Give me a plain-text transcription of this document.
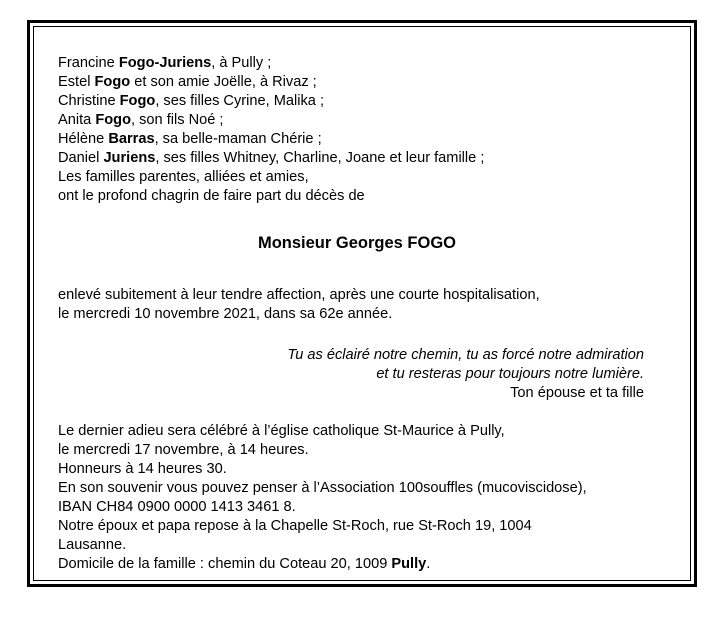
Francine Fogo-Juriens, à Pully ;
Estel Fogo et son amie Joëlle, à Rivaz ;
Christine Fogo, ses filles Cyrine, Malika ;
Anita Fogo, son fils Noé ;
Hélène Barras, sa belle-maman Chérie ;
Daniel Juriens, ses filles Whitney, Charline, Joane et leur famille ;
Les familles parentes, alliées et amies,
ont le profond chagrin de faire part du décès de
Monsieur Georges FOGO
enlevé subitement à leur tendre affection, après une courte hospitalisation,
le mercredi 10 novembre 2021, dans sa 62e année.
Tu as éclairé notre chemin, tu as forcé notre admiration
et tu resteras pour toujours notre lumière.
Ton épouse et ta fille
Le dernier adieu sera célébré à l’église catholique St-Maurice à Pully,
le mercredi 17 novembre, à 14 heures.
Honneurs à 14 heures 30.
En son souvenir vous pouvez penser à l’Association 100souffles (mucoviscidose),
IBAN CH84 0900 0000 1413 3461 8.
Notre époux et papa repose à la Chapelle St-Roch, rue St-Roch 19, 1004
Lausanne.
Domicile de la famille : chemin du Coteau 20, 1009 Pully.
